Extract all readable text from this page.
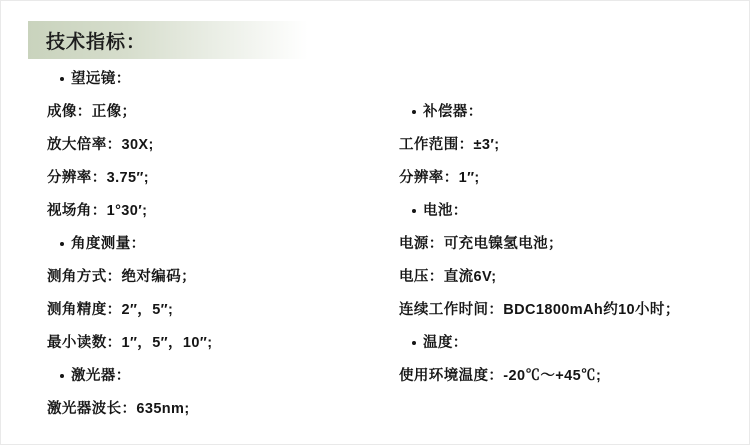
技术指标：
望远镜：
成像：正像；
放大倍率：30X;
分辨率：3.75″;
视场角：1°30′;
角度测量：
测角方式：绝对编码；
测角精度：2″，5″;
最小读数：1″，5″，10″;
激光器：
激光器波长：635nm;
补偿器：
工作范围：±3′;
分辨率：1″;
电池：
电源：可充电镍氢电池；
电压：直流6V;
连续工作时间：BDC1800mAh约10小时；
温度：
使用环境温度：-20℃～+45℃;
